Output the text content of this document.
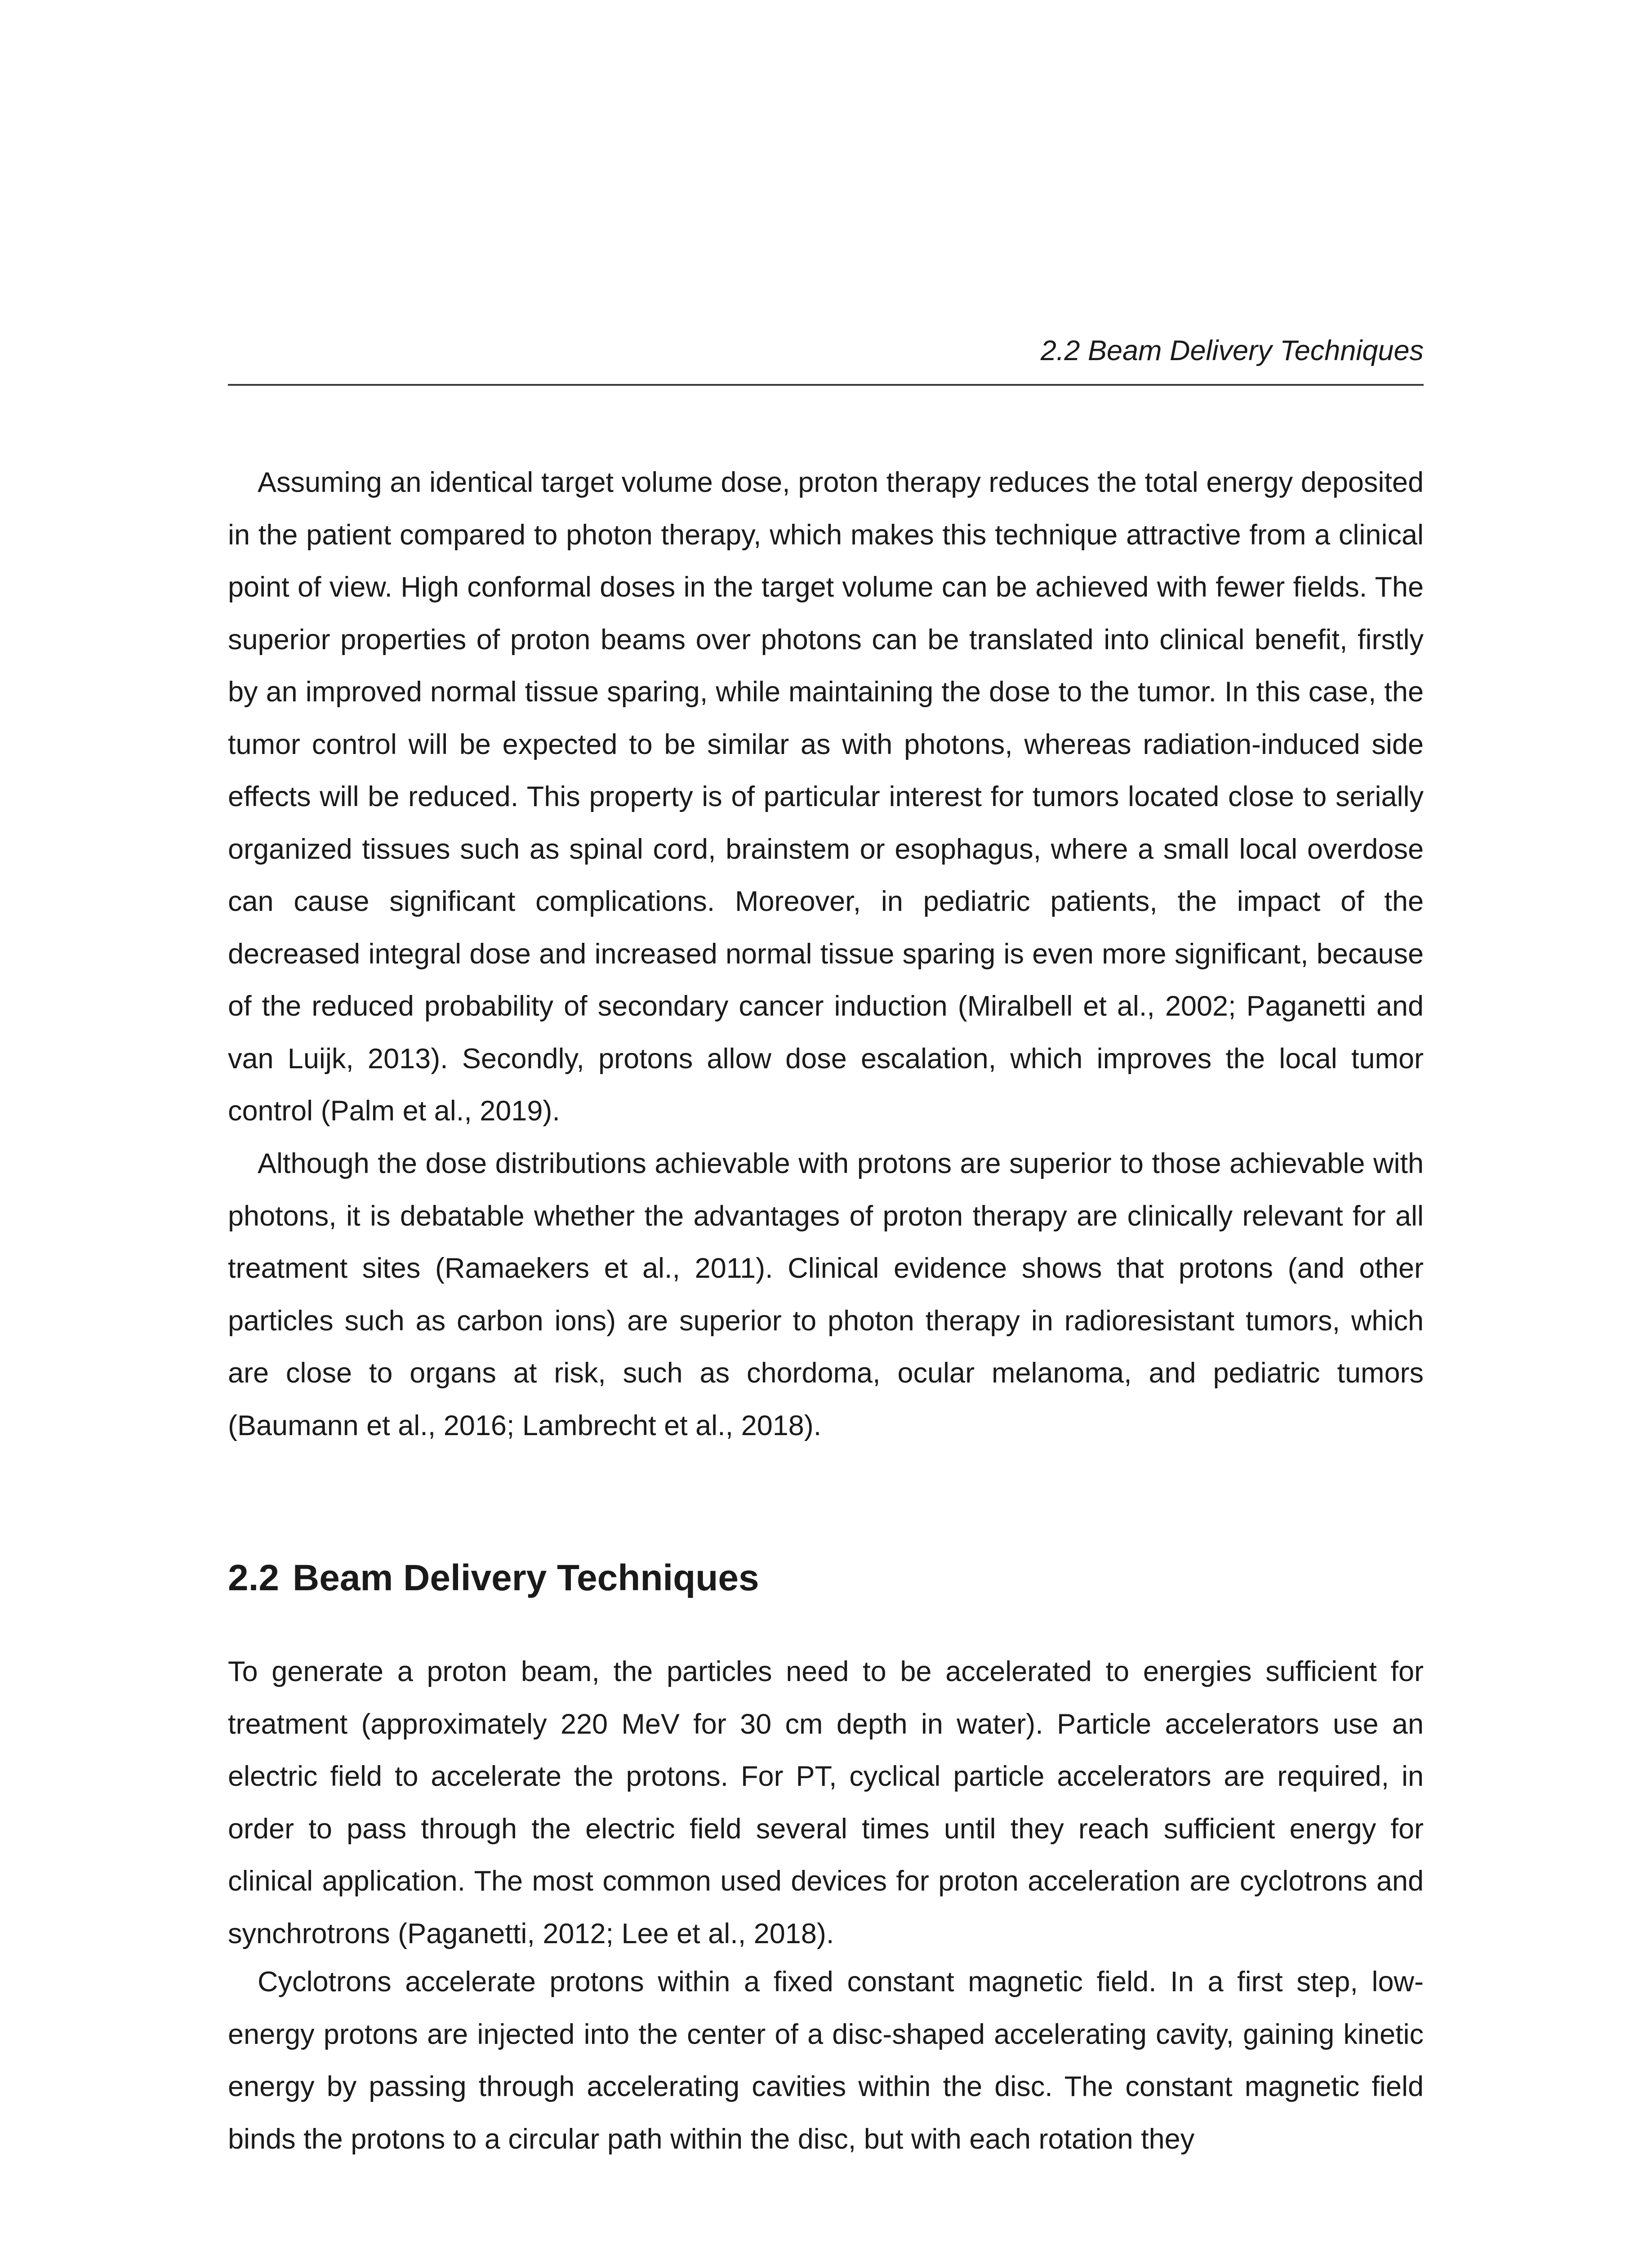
2.2 Beam Delivery Techniques

Assuming an identical target volume dose, proton therapy reduces the total energy deposited in the patient compared to photon therapy, which makes this technique attractive from a clinical point of view. High conformal doses in the target volume can be achieved with fewer fields. The superior properties of proton beams over photons can be translated into clinical benefit, firstly by an improved normal tissue sparing, while maintaining the dose to the tumor. In this case, the tumor control will be expected to be similar as with photons, whereas radiation-induced side effects will be reduced. This property is of particular interest for tumors located close to serially organized tissues such as spinal cord, brainstem or esophagus, where a small local overdose can cause significant complications. Moreover, in pediatric patients, the impact of the decreased integral dose and increased normal tissue sparing is even more significant, because of the reduced probability of secondary cancer induction (Miralbell et al., 2002; Paganetti and van Luijk, 2013). Secondly, protons allow dose escalation, which improves the local tumor control (Palm et al., 2019).

Although the dose distributions achievable with protons are superior to those achievable with photons, it is debatable whether the advantages of proton therapy are clinically relevant for all treatment sites (Ramaekers et al., 2011). Clinical evidence shows that protons (and other particles such as carbon ions) are superior to photon therapy in radioresistant tumors, which are close to organs at risk, such as chordoma, ocular melanoma, and pediatric tumors (Baumann et al., 2016; Lambrecht et al., 2018).

2.2 Beam Delivery Techniques

To generate a proton beam, the particles need to be accelerated to energies sufficient for treatment (approximately 220 MeV for 30 cm depth in water). Particle accelerators use an electric field to accelerate the protons. For PT, cyclical particle accelerators are required, in order to pass through the electric field several times until they reach sufficient energy for clinical application. The most common used devices for proton acceleration are cyclotrons and synchrotrons (Paganetti, 2012; Lee et al., 2018).

Cyclotrons accelerate protons within a fixed constant magnetic field. In a first step, low-energy protons are injected into the center of a disc-shaped accelerating cavity, gaining kinetic energy by passing through accelerating cavities within the disc. The constant magnetic field binds the protons to a circular path within the disc, but with each rotation they
